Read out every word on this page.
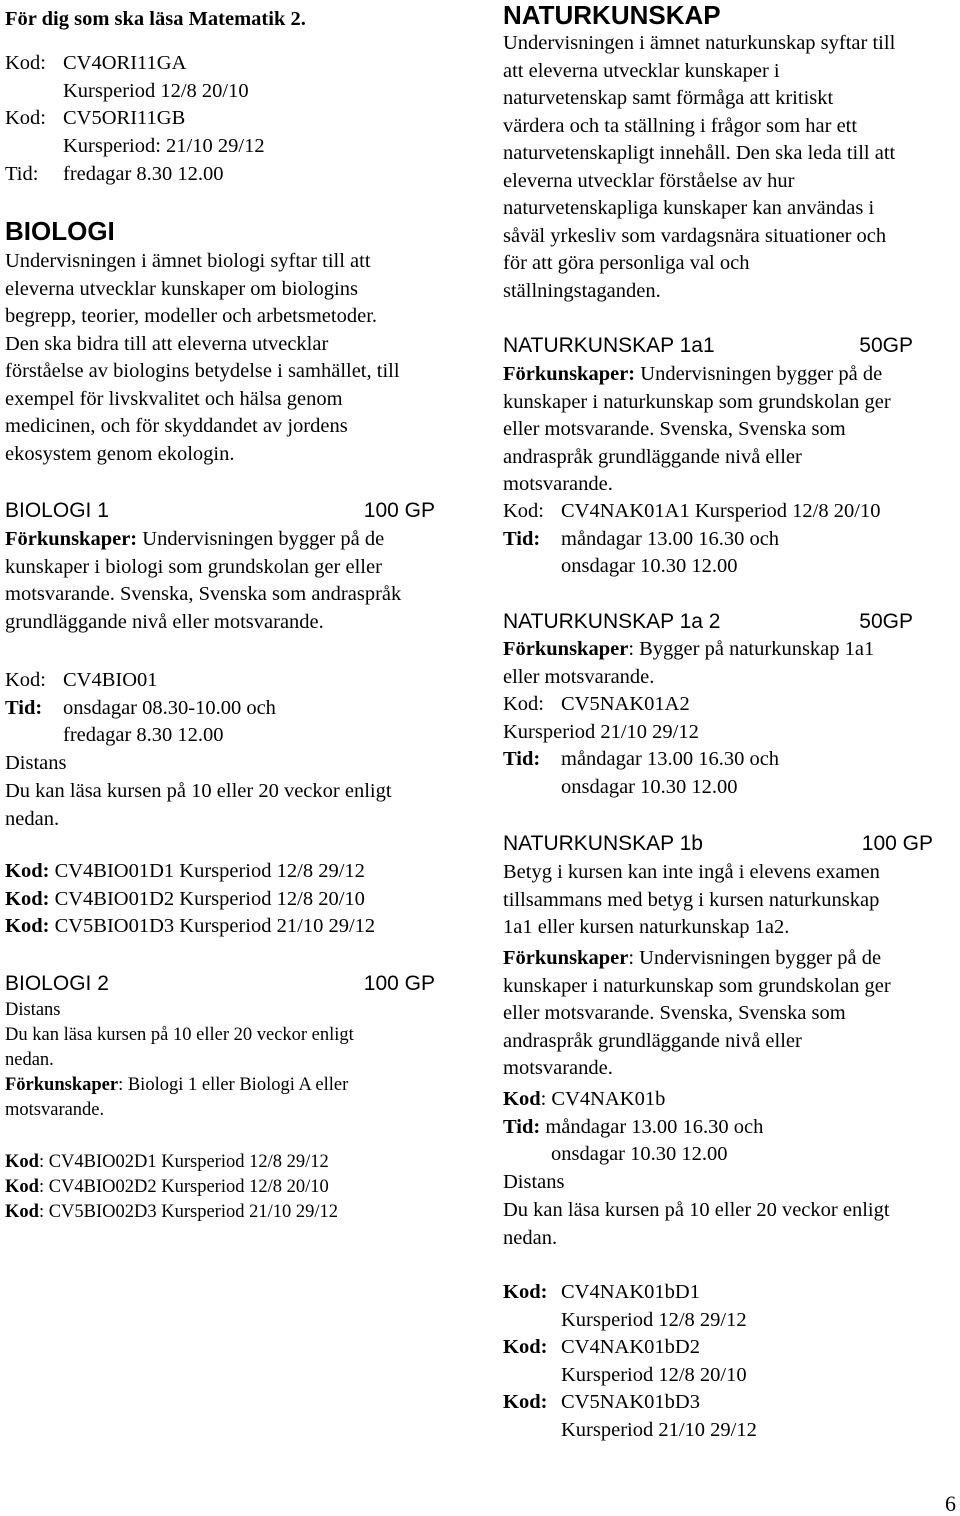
För dig som ska läsa Matematik 2.
Kod: CV4ORI11GA
Kursperiod 12/8 20/10
Kod: CV5ORI11GB
Kursperiod: 21/10 29/12
Tid: fredagar 8.30 12.00
BIOLOGI
Undervisningen i ämnet biologi syftar till att
eleverna utvecklar kunskaper om biologins
begrepp, teorier, modeller och arbetsmetoder.
Den ska bidra till att eleverna utvecklar
förståelse av biologins betydelse i samhället, till
exempel för livskvalitet och hälsa genom
medicinen, och för skyddandet av jordens
ekosystem genom ekologin.
BIOLOGI 1	100 GP
Förkunskaper: Undervisningen bygger på de
kunskaper i biologi som grundskolan ger eller
motsvarande. Svenska, Svenska som andraspråk
grundläggande nivå eller motsvarande.
Kod: CV4BIO01
Tid: onsdagar 08.30-10.00 och
fredagar 8.30 12.00
Distans
Du kan läsa kursen på 10 eller 20 veckor enligt
nedan.
Kod: CV4BIO01D1 Kursperiod 12/8 29/12
Kod: CV4BIO01D2 Kursperiod 12/8 20/10
Kod: CV5BIO01D3 Kursperiod 21/10 29/12
BIOLOGI 2	100 GP
Distans
Du kan läsa kursen på 10 eller 20 veckor enligt
nedan.
Förkunskaper: Biologi 1 eller Biologi A eller
motsvarande.
Kod: CV4BIO02D1 Kursperiod 12/8 29/12
Kod: CV4BIO02D2 Kursperiod 12/8 20/10
Kod: CV5BIO02D3 Kursperiod 21/10 29/12
NATURKUNSKAP
Undervisningen i ämnet naturkunskap syftar till
att eleverna utvecklar kunskaper i
naturvetenskap samt förmåga att kritiskt
värdera och ta ställning i frågor som har ett
naturvetenskapligt innehåll. Den ska leda till att
eleverna utvecklar förståelse av hur
naturvetenskapliga kunskaper kan användas i
såväl yrkesliv som vardagsnära situationer och
för att göra personliga val och
ställningstaganden.
NATURKUNSKAP 1a1	50GP
Förkunskaper: Undervisningen bygger på de
kunskaper i naturkunskap som grundskolan ger
eller motsvarande. Svenska, Svenska som
andraspråk grundläggande nivå eller
motsvarande.
Kod: CV4NAK01A1 Kursperiod 12/8 20/10
Tid: måndagar 13.00 16.30 och
onsdagar 10.30 12.00
NATURKUNSKAP 1a 2	50GP
Förkunskaper: Bygger på naturkunskap 1a1
eller motsvarande.
Kod: CV5NAK01A2
Kursperiod 21/10 29/12
Tid: måndagar 13.00 16.30 och
onsdagar 10.30 12.00
NATURKUNSKAP 1b	100 GP
Betyg i kursen kan inte ingå i elevens examen
tillsammans med betyg i kursen naturkunskap
1a1 eller kursen naturkunskap 1a2.
Förkunskaper: Undervisningen bygger på de
kunskaper i naturkunskap som grundskolan ger
eller motsvarande. Svenska, Svenska som
andraspråk grundläggande nivå eller
motsvarande.
Kod: CV4NAK01b
Tid: måndagar 13.00 16.30 och
onsdagar 10.30 12.00
Distans
Du kan läsa kursen på 10 eller 20 veckor enligt
nedan.
Kod: CV4NAK01bD1
Kursperiod 12/8 29/12
Kod: CV4NAK01bD2
Kursperiod 12/8 20/10
Kod: CV5NAK01bD3
Kursperiod 21/10 29/12
6
